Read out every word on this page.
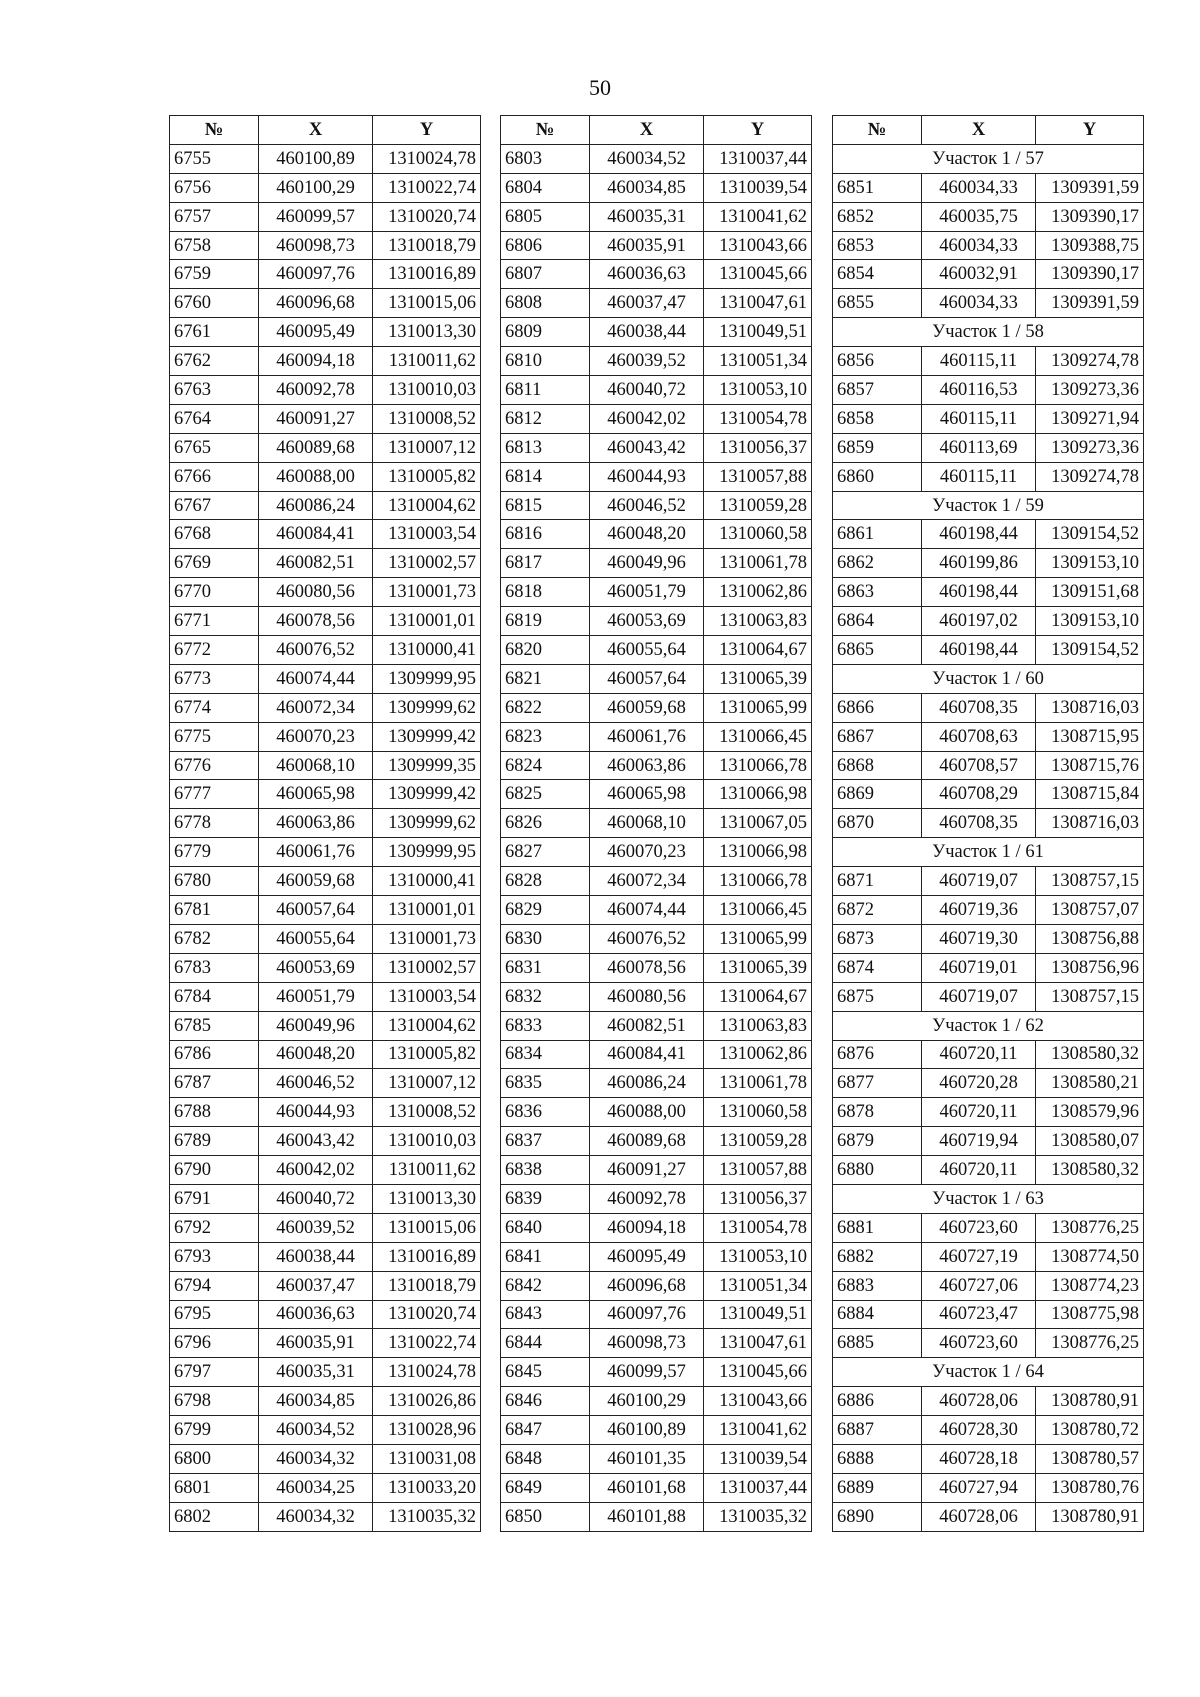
50
№	X	Y
6755	460100,89	1310024,78
6756	460100,29	1310022,74
6757	460099,57	1310020,74
6758	460098,73	1310018,79
6759	460097,76	1310016,89
6760	460096,68	1310015,06
6761	460095,49	1310013,30
6762	460094,18	1310011,62
6763	460092,78	1310010,03
6764	460091,27	1310008,52
6765	460089,68	1310007,12
6766	460088,00	1310005,82
6767	460086,24	1310004,62
6768	460084,41	1310003,54
6769	460082,51	1310002,57
6770	460080,56	1310001,73
6771	460078,56	1310001,01
6772	460076,52	1310000,41
6773	460074,44	1309999,95
6774	460072,34	1309999,62
6775	460070,23	1309999,42
6776	460068,10	1309999,35
6777	460065,98	1309999,42
6778	460063,86	1309999,62
6779	460061,76	1309999,95
6780	460059,68	1310000,41
6781	460057,64	1310001,01
6782	460055,64	1310001,73
6783	460053,69	1310002,57
6784	460051,79	1310003,54
6785	460049,96	1310004,62
6786	460048,20	1310005,82
6787	460046,52	1310007,12
6788	460044,93	1310008,52
6789	460043,42	1310010,03
6790	460042,02	1310011,62
6791	460040,72	1310013,30
6792	460039,52	1310015,06
6793	460038,44	1310016,89
6794	460037,47	1310018,79
6795	460036,63	1310020,74
6796	460035,91	1310022,74
6797	460035,31	1310024,78
6798	460034,85	1310026,86
6799	460034,52	1310028,96
6800	460034,32	1310031,08
6801	460034,25	1310033,20
6802	460034,32	1310035,32
№	X	Y
6803	460034,52	1310037,44
6804	460034,85	1310039,54
6805	460035,31	1310041,62
6806	460035,91	1310043,66
6807	460036,63	1310045,66
6808	460037,47	1310047,61
6809	460038,44	1310049,51
6810	460039,52	1310051,34
6811	460040,72	1310053,10
6812	460042,02	1310054,78
6813	460043,42	1310056,37
6814	460044,93	1310057,88
6815	460046,52	1310059,28
6816	460048,20	1310060,58
6817	460049,96	1310061,78
6818	460051,79	1310062,86
6819	460053,69	1310063,83
6820	460055,64	1310064,67
6821	460057,64	1310065,39
6822	460059,68	1310065,99
6823	460061,76	1310066,45
6824	460063,86	1310066,78
6825	460065,98	1310066,98
6826	460068,10	1310067,05
6827	460070,23	1310066,98
6828	460072,34	1310066,78
6829	460074,44	1310066,45
6830	460076,52	1310065,99
6831	460078,56	1310065,39
6832	460080,56	1310064,67
6833	460082,51	1310063,83
6834	460084,41	1310062,86
6835	460086,24	1310061,78
6836	460088,00	1310060,58
6837	460089,68	1310059,28
6838	460091,27	1310057,88
6839	460092,78	1310056,37
6840	460094,18	1310054,78
6841	460095,49	1310053,10
6842	460096,68	1310051,34
6843	460097,76	1310049,51
6844	460098,73	1310047,61
6845	460099,57	1310045,66
6846	460100,29	1310043,66
6847	460100,89	1310041,62
6848	460101,35	1310039,54
6849	460101,68	1310037,44
6850	460101,88	1310035,32
№	X	Y
Участок 1 / 57		
6851	460034,33	1309391,59
6852	460035,75	1309390,17
6853	460034,33	1309388,75
6854	460032,91	1309390,17
6855	460034,33	1309391,59
Участок 1 / 58		
6856	460115,11	1309274,78
6857	460116,53	1309273,36
6858	460115,11	1309271,94
6859	460113,69	1309273,36
6860	460115,11	1309274,78
Участок 1 / 59		
6861	460198,44	1309154,52
6862	460199,86	1309153,10
6863	460198,44	1309151,68
6864	460197,02	1309153,10
6865	460198,44	1309154,52
Участок 1 / 60		
6866	460708,35	1308716,03
6867	460708,63	1308715,95
6868	460708,57	1308715,76
6869	460708,29	1308715,84
6870	460708,35	1308716,03
Участок 1 / 61		
6871	460719,07	1308757,15
6872	460719,36	1308757,07
6873	460719,30	1308756,88
6874	460719,01	1308756,96
6875	460719,07	1308757,15
Участок 1 / 62		
6876	460720,11	1308580,32
6877	460720,28	1308580,21
6878	460720,11	1308579,96
6879	460719,94	1308580,07
6880	460720,11	1308580,32
Участок 1 / 63		
6881	460723,60	1308776,25
6882	460727,19	1308774,50
6883	460727,06	1308774,23
6884	460723,47	1308775,98
6885	460723,60	1308776,25
Участок 1 / 64		
6886	460728,06	1308780,91
6887	460728,30	1308780,72
6888	460728,18	1308780,57
6889	460727,94	1308780,76
6890	460728,06	1308780,91
